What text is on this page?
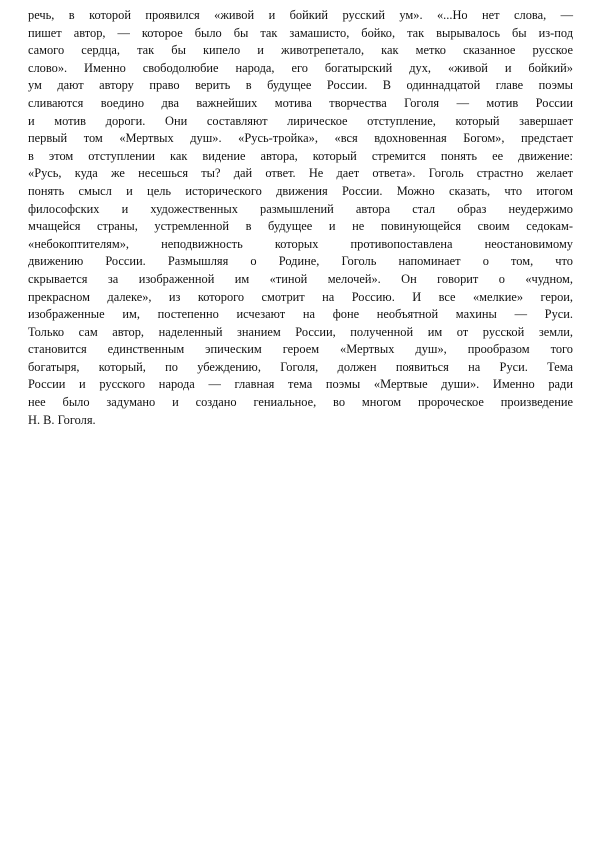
речь, в которой проявился «живой и бойкий русский ум». «...Но нет слова, —
пишет автор, — которое было бы так замашисто, бойко, так вырывалось бы из-под
самого сердца, так бы кипело и животрепетало, как метко сказанное русское
слово». Именно свободолюбие народа, его богатырский дух, «живой и бойкий»
ум дают автору право верить в будущее России. В одиннадцатой главе поэмы
сливаются воедино два важнейших мотива творчества Гоголя — мотив России
и мотив дороги. Они составляют лирическое отступление, который завершает
первый том «Мертвых душ». «Русь-тройка», «вся вдохновенная Богом», предстает
в этом отступлении как видение автора, который стремится понять ее движение:
«Русь, куда же несешься ты? дай ответ. Не дает ответа». Гоголь страстно желает
понять смысл и цель исторического движения России. Можно сказать, что итогом
философских и художественных размышлений автора стал образ неудержимо
мчащейся страны, устремленной в будущее и не повинующейся своим седокам-
«небокоптителям», неподвижность которых противопоставлена неостановимому
движению России. Размышляя о Родине, Гоголь напоминает о том, что
скрывается за изображенной им «тиной мелочей». Он говорит о «чудном,
прекрасном далеке», из которого смотрит на Россию. И все «мелкие» герои,
изображенные им, постепенно исчезают на фоне необъятной махины — Руси.
Только сам автор, наделенный знанием России, полученной им от русской земли,
становится единственным эпическим героем «Мертвых душ», прообразом того
богатыря, который, по убеждению, Гоголя, должен появиться на Руси. Тема
России и русского народа — главная тема поэмы «Мертвые души». Именно ради
нее было задумано и создано гениальное, во многом пророческое произведение
Н. В. Гоголя.
